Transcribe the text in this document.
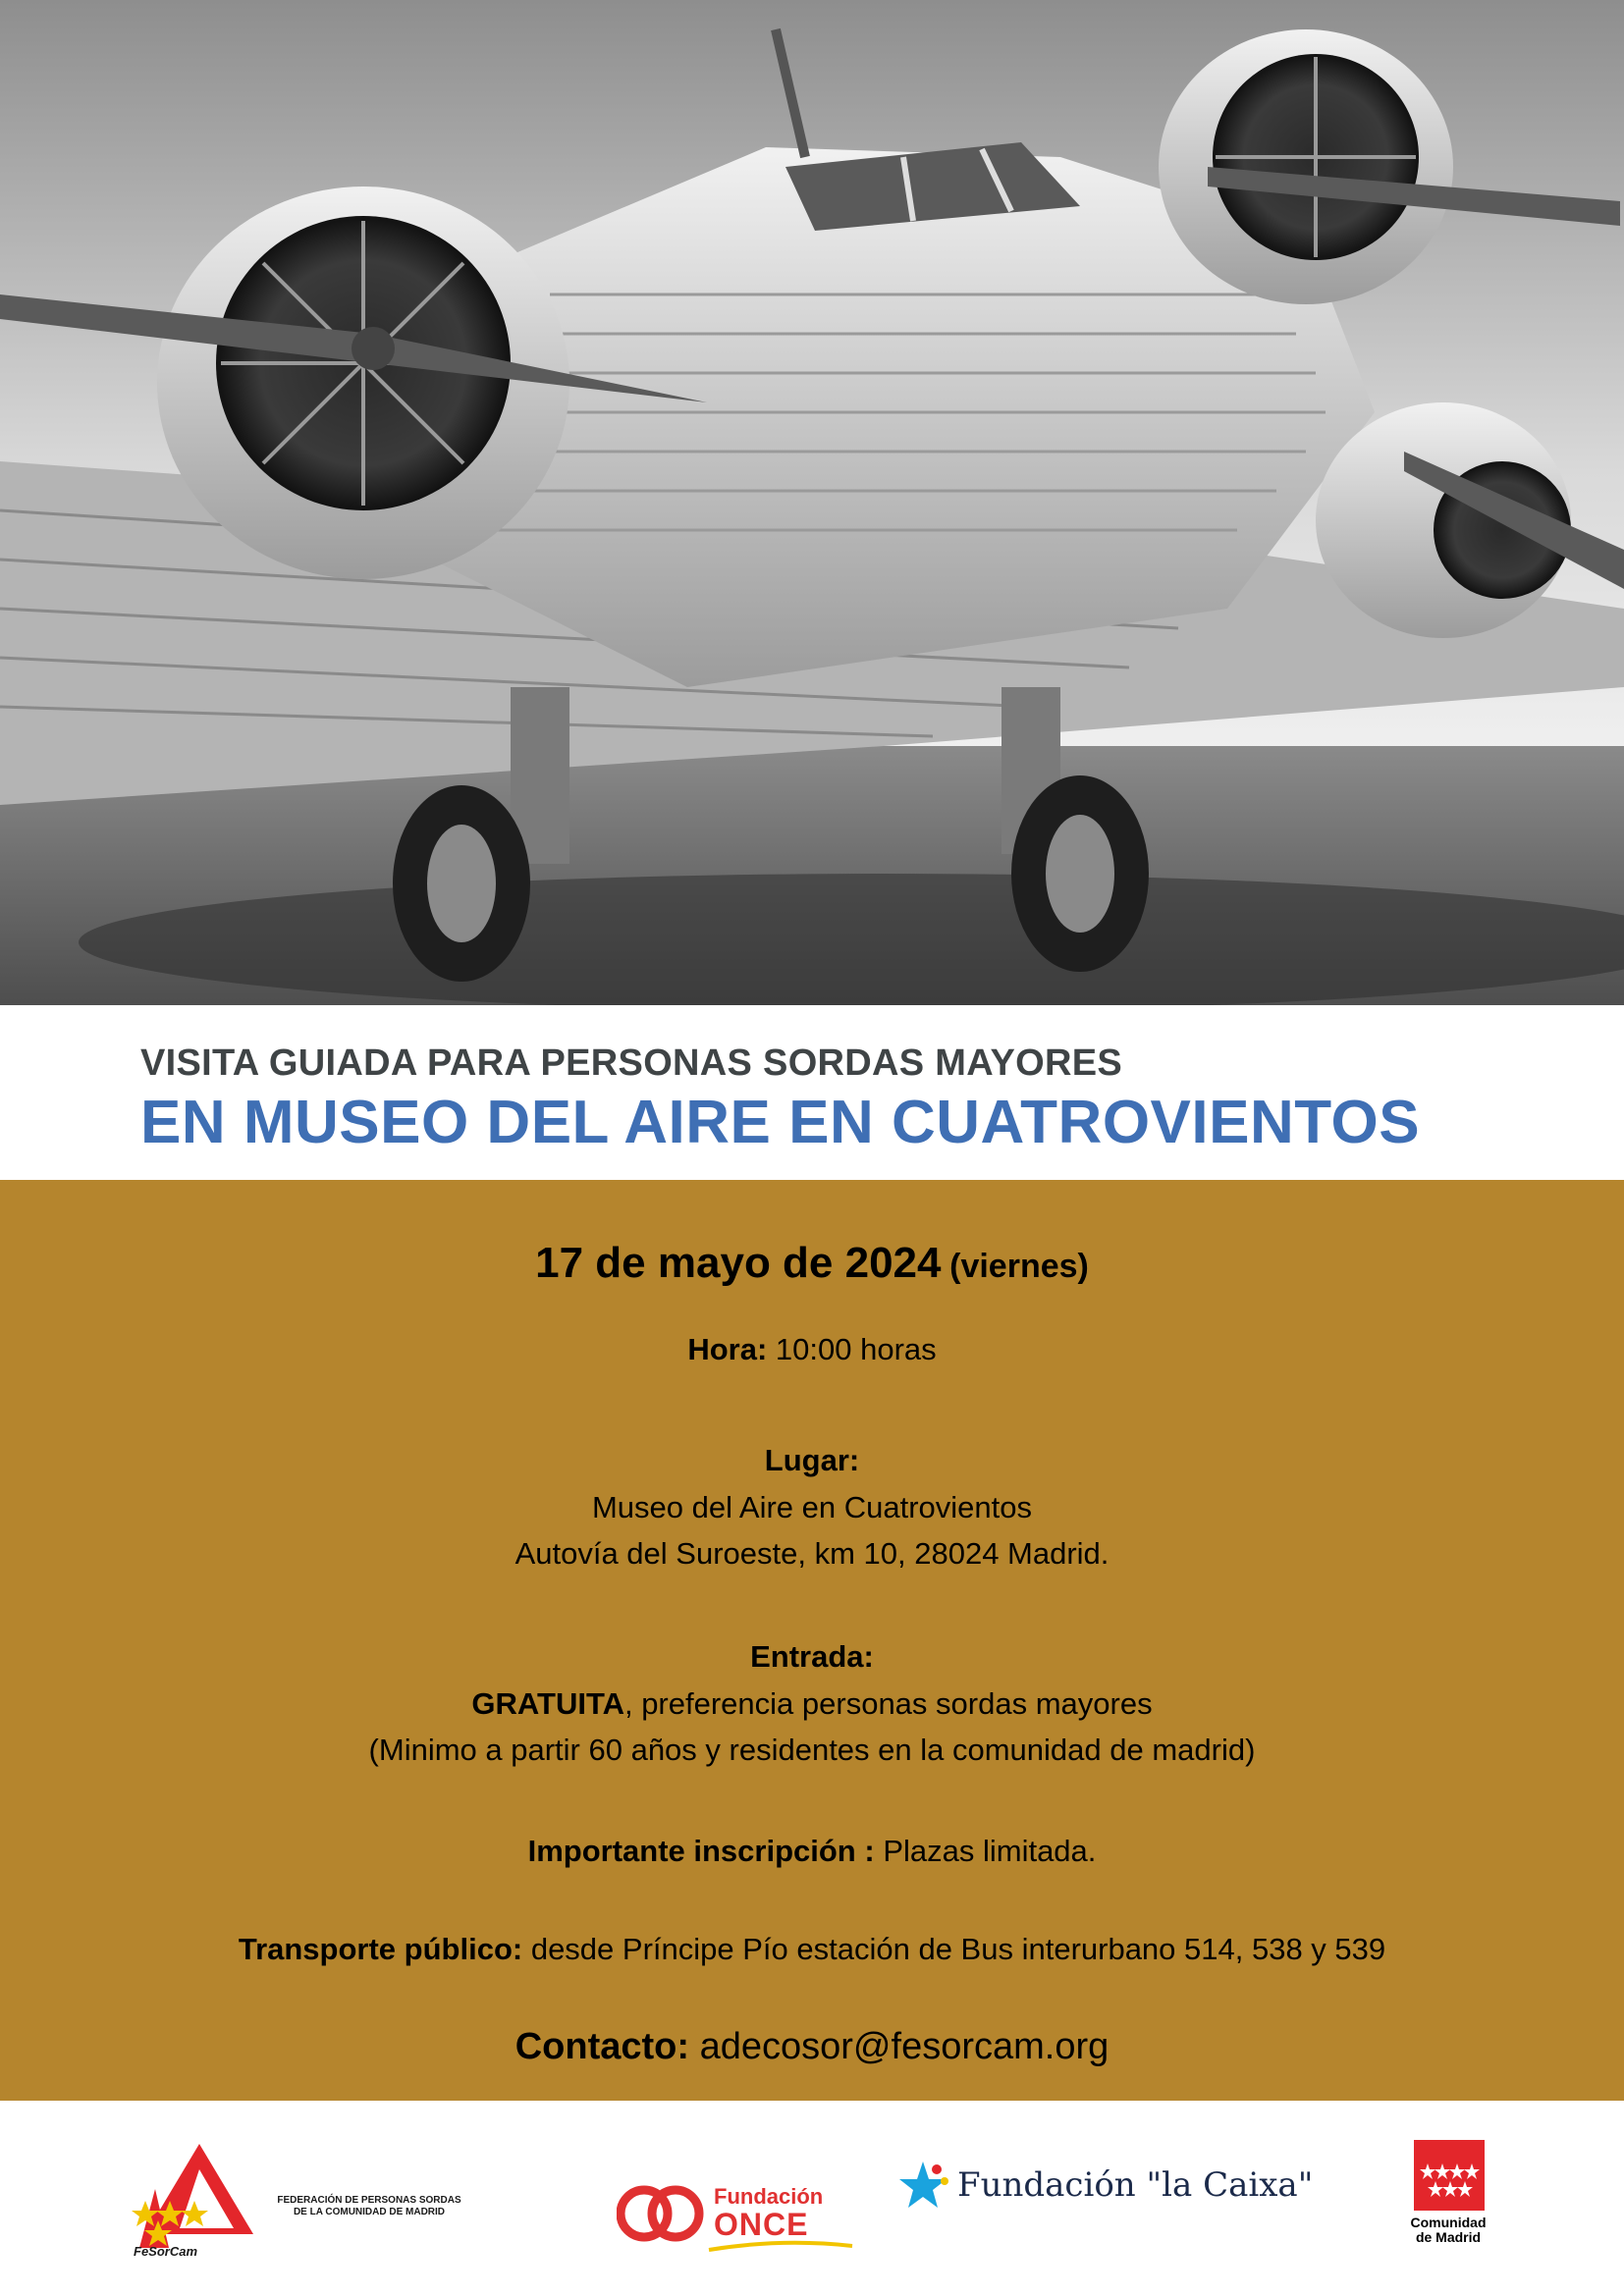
VISITA GUIADA PARA PERSONAS SORDAS MAYORES
EN MUSEO DEL AIRE EN CUATROVIENTOS
17 de mayo de 2024 (viernes)
Hora: 10:00 horas
Lugar:
Museo del Aire en Cuatrovientos
Autovía del Suroeste, km 10, 28024 Madrid.
Entrada:
GRATUITA, preferencia personas sordas mayores
(Minimo a partir 60 años y residentes en la comunidad de madrid)
Importante inscripción : Plazas limitada.
Transporte público: desde Príncipe Pío estación de Bus interurbano 514, 538 y 539
Contacto: adecosor@fesorcam.org
FeSorCam
FEDERACIÓN DE PERSONAS SORDAS
DE LA COMUNIDAD DE MADRID
Fundación
ONCE
Fundación "la Caixa"
Comunidad
de Madrid
